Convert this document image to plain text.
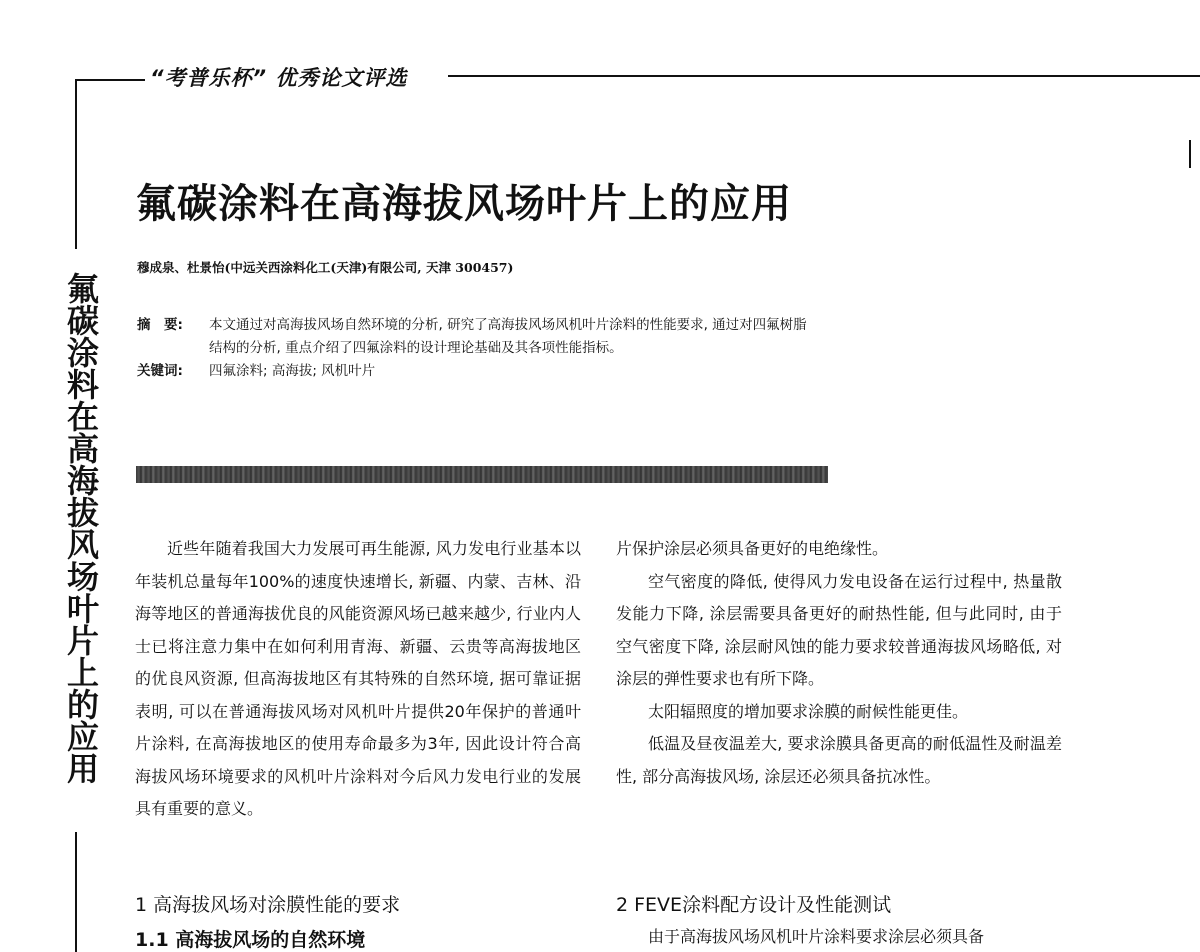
“考普乐杯” 优秀论文评选
氟碳涂料在高海拔风场叶片上的应用
氟碳涂料在高海拔风场叶片上的应用
穆成泉、杜景怡(中远关西涂料化工(天津)有限公司, 天津 300457)
摘　要:	本文通过对高海拔风场自然环境的分析, 研究了高海拔风场风机叶片涂料的性能要求, 通过对四氟树脂
结构的分析, 重点介绍了四氟涂料的设计理论基础及其各项性能指标。
关键词:	四氟涂料; 高海拔; 风机叶片

近些年随着我国大力发展可再生能源, 风力发电行业基本以年装机总量每年100%的速度快速增长, 新疆、内蒙、吉林、沿海等地区的普通海拔优良的风能资源风场已越来越少, 行业内人士已将注意力集中在如何利用青海、新疆、云贵等高海拔地区的优良风资源, 但高海拔地区有其特殊的自然环境, 据可靠证据表明, 可以在普通海拔风场对风机叶片提供20年保护的普通叶片涂料, 在高海拔地区的使用寿命最多为3年, 因此设计符合高海拔风场环境要求的风机叶片涂料对今后风力发电行业的发展具有重要的意义。

片保护涂层必须具备更好的电绝缘性。

空气密度的降低, 使得风力发电设备在运行过程中, 热量散发能力下降, 涂层需要具备更好的耐热性能, 但与此同时, 由于空气密度下降, 涂层耐风蚀的能力要求较普通海拔风场略低, 对涂层的弹性要求也有所下降。

太阳辐照度的增加要求涂膜的耐候性能更佳。

低温及昼夜温差大, 要求涂膜具备更高的耐低温性及耐温差性, 部分高海拔风场, 涂层还必须具备抗冰性。

1 高海拔风场对涂膜性能的要求
1.1 高海拔风场的自然环境
2 FEVE涂料配方设计及性能测试
由于高海拔风场风机叶片涂料要求涂层必须具备
